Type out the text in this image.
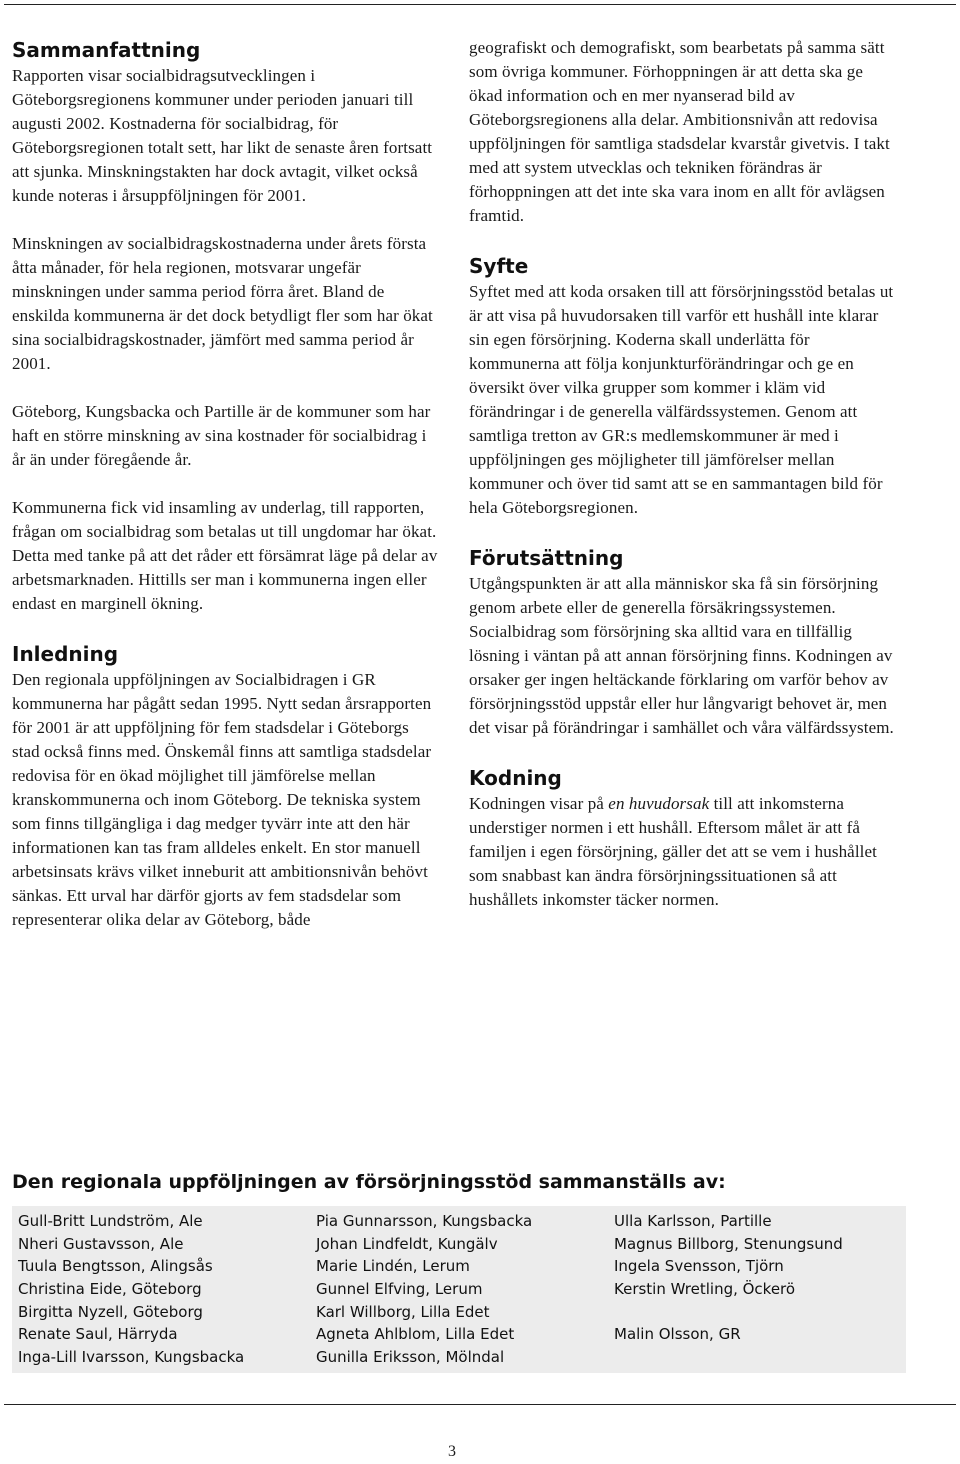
Sammanfattning

Rapporten visar socialbidragsutvecklingen i Göteborgsregionens kommuner under perioden januari till augusti 2002. Kostnaderna för socialbidrag, för Göteborgsregionen totalt sett, har likt de senaste åren fortsatt att sjunka. Minskningstakten har dock avtagit, vilket också kunde noteras i årsuppföljningen för 2001.

Minskningen av socialbidragskostnaderna under årets första åtta månader, för hela regionen, motsvarar ungefär minskningen under samma period förra året. Bland de enskilda kommunerna är det dock betydligt fler som har ökat sina socialbidragskostnader, jämfört med samma period år 2001.

Göteborg, Kungsbacka och Partille är de kommuner som har haft en större minskning av sina kostnader för socialbidrag i år än under föregående år.

Kommunerna fick vid insamling av underlag, till rapporten, frågan om socialbidrag som betalas ut till ungdomar har ökat. Detta med tanke på att det råder ett försämrat läge på delar av arbetsmarknaden. Hittills ser man i kommunerna ingen eller endast en marginell ökning.

Inledning

Den regionala uppföljningen av Socialbidragen i GR kommunerna har pågått sedan 1995. Nytt sedan årsrapporten för 2001 är att uppföljning för fem stadsdelar i Göteborgs stad också finns med. Önskemål finns att samtliga stadsdelar redovisa för en ökad möjlighet till jämförelse mellan kranskommunerna och inom Göteborg. De tekniska system som finns tillgängliga i dag medger tyvärr inte att den här informationen kan tas fram alldeles enkelt. En stor manuell arbetsinsats krävs vilket inneburit att ambitionsnivån behövt sänkas. Ett urval har därför gjorts av fem stadsdelar som representerar olika delar av Göteborg, både

geografiskt och demografiskt, som bearbetats på samma sätt som övriga kommuner. Förhoppningen är att detta ska ge ökad information och en mer nyanserad bild av Göteborgsregionens alla delar. Ambitionsnivån att redovisa uppföljningen för samtliga stadsdelar kvarstår givetvis. I takt med att system utvecklas och tekniken förändras är förhoppningen att det inte ska vara inom en allt för avlägsen framtid.

Syfte

Syftet med att koda orsaken till att försörjningsstöd betalas ut är att visa på huvudorsaken till varför ett hushåll inte klarar sin egen försörjning. Koderna skall underlätta för kommunerna att följa konjunkturförändringar och ge en översikt över vilka grupper som kommer i kläm vid förändringar i de generella välfärdssystemen. Genom att samtliga tretton av GR:s medlemskommuner är med i uppföljningen ges möjligheter till jämförelser mellan kommuner och över tid samt att se en sammantagen bild för hela Göteborgsregionen.

Förutsättning

Utgångspunkten är att alla människor ska få sin försörjning genom arbete eller de generella försäkringssystemen. Socialbidrag som försörjning ska alltid vara en tillfällig lösning i väntan på att annan försörjning finns. Kodningen av orsaker ger ingen heltäckande förklaring om varför behov av försörjningsstöd uppstår eller hur långvarigt behovet är, men det visar på förändringar i samhället och våra välfärdssystem.

Kodning

Kodningen visar på en huvudorsak till att inkomsterna understiger normen i ett hushåll. Eftersom målet är att få familjen i egen försörjning, gäller det att se vem i hushållet som snabbast kan ändra försörjningssituationen så att hushållets inkomster täcker normen.

Den regionala uppföljningen av försörjningsstöd sammanställs av:
Gull-Britt Lundström, Ale	Pia Gunnarsson, Kungsbacka	Ulla Karlsson, Partille
Nheri Gustavsson, Ale	Johan Lindfeldt, Kungälv	Magnus Billborg, Stenungsund
Tuula Bengtsson, Alingsås	Marie Lindén, Lerum	Ingela Svensson, Tjörn
Christina Eide, Göteborg	Gunnel Elfving, Lerum	Kerstin Wretling, Öckerö
Birgitta Nyzell, Göteborg	Karl Willborg, Lilla Edet
Renate Saul, Härryda	Agneta Ahlblom, Lilla Edet	Malin Olsson, GR
Inga-Lill Ivarsson, Kungsbacka	Gunilla Eriksson, Mölndal
3
